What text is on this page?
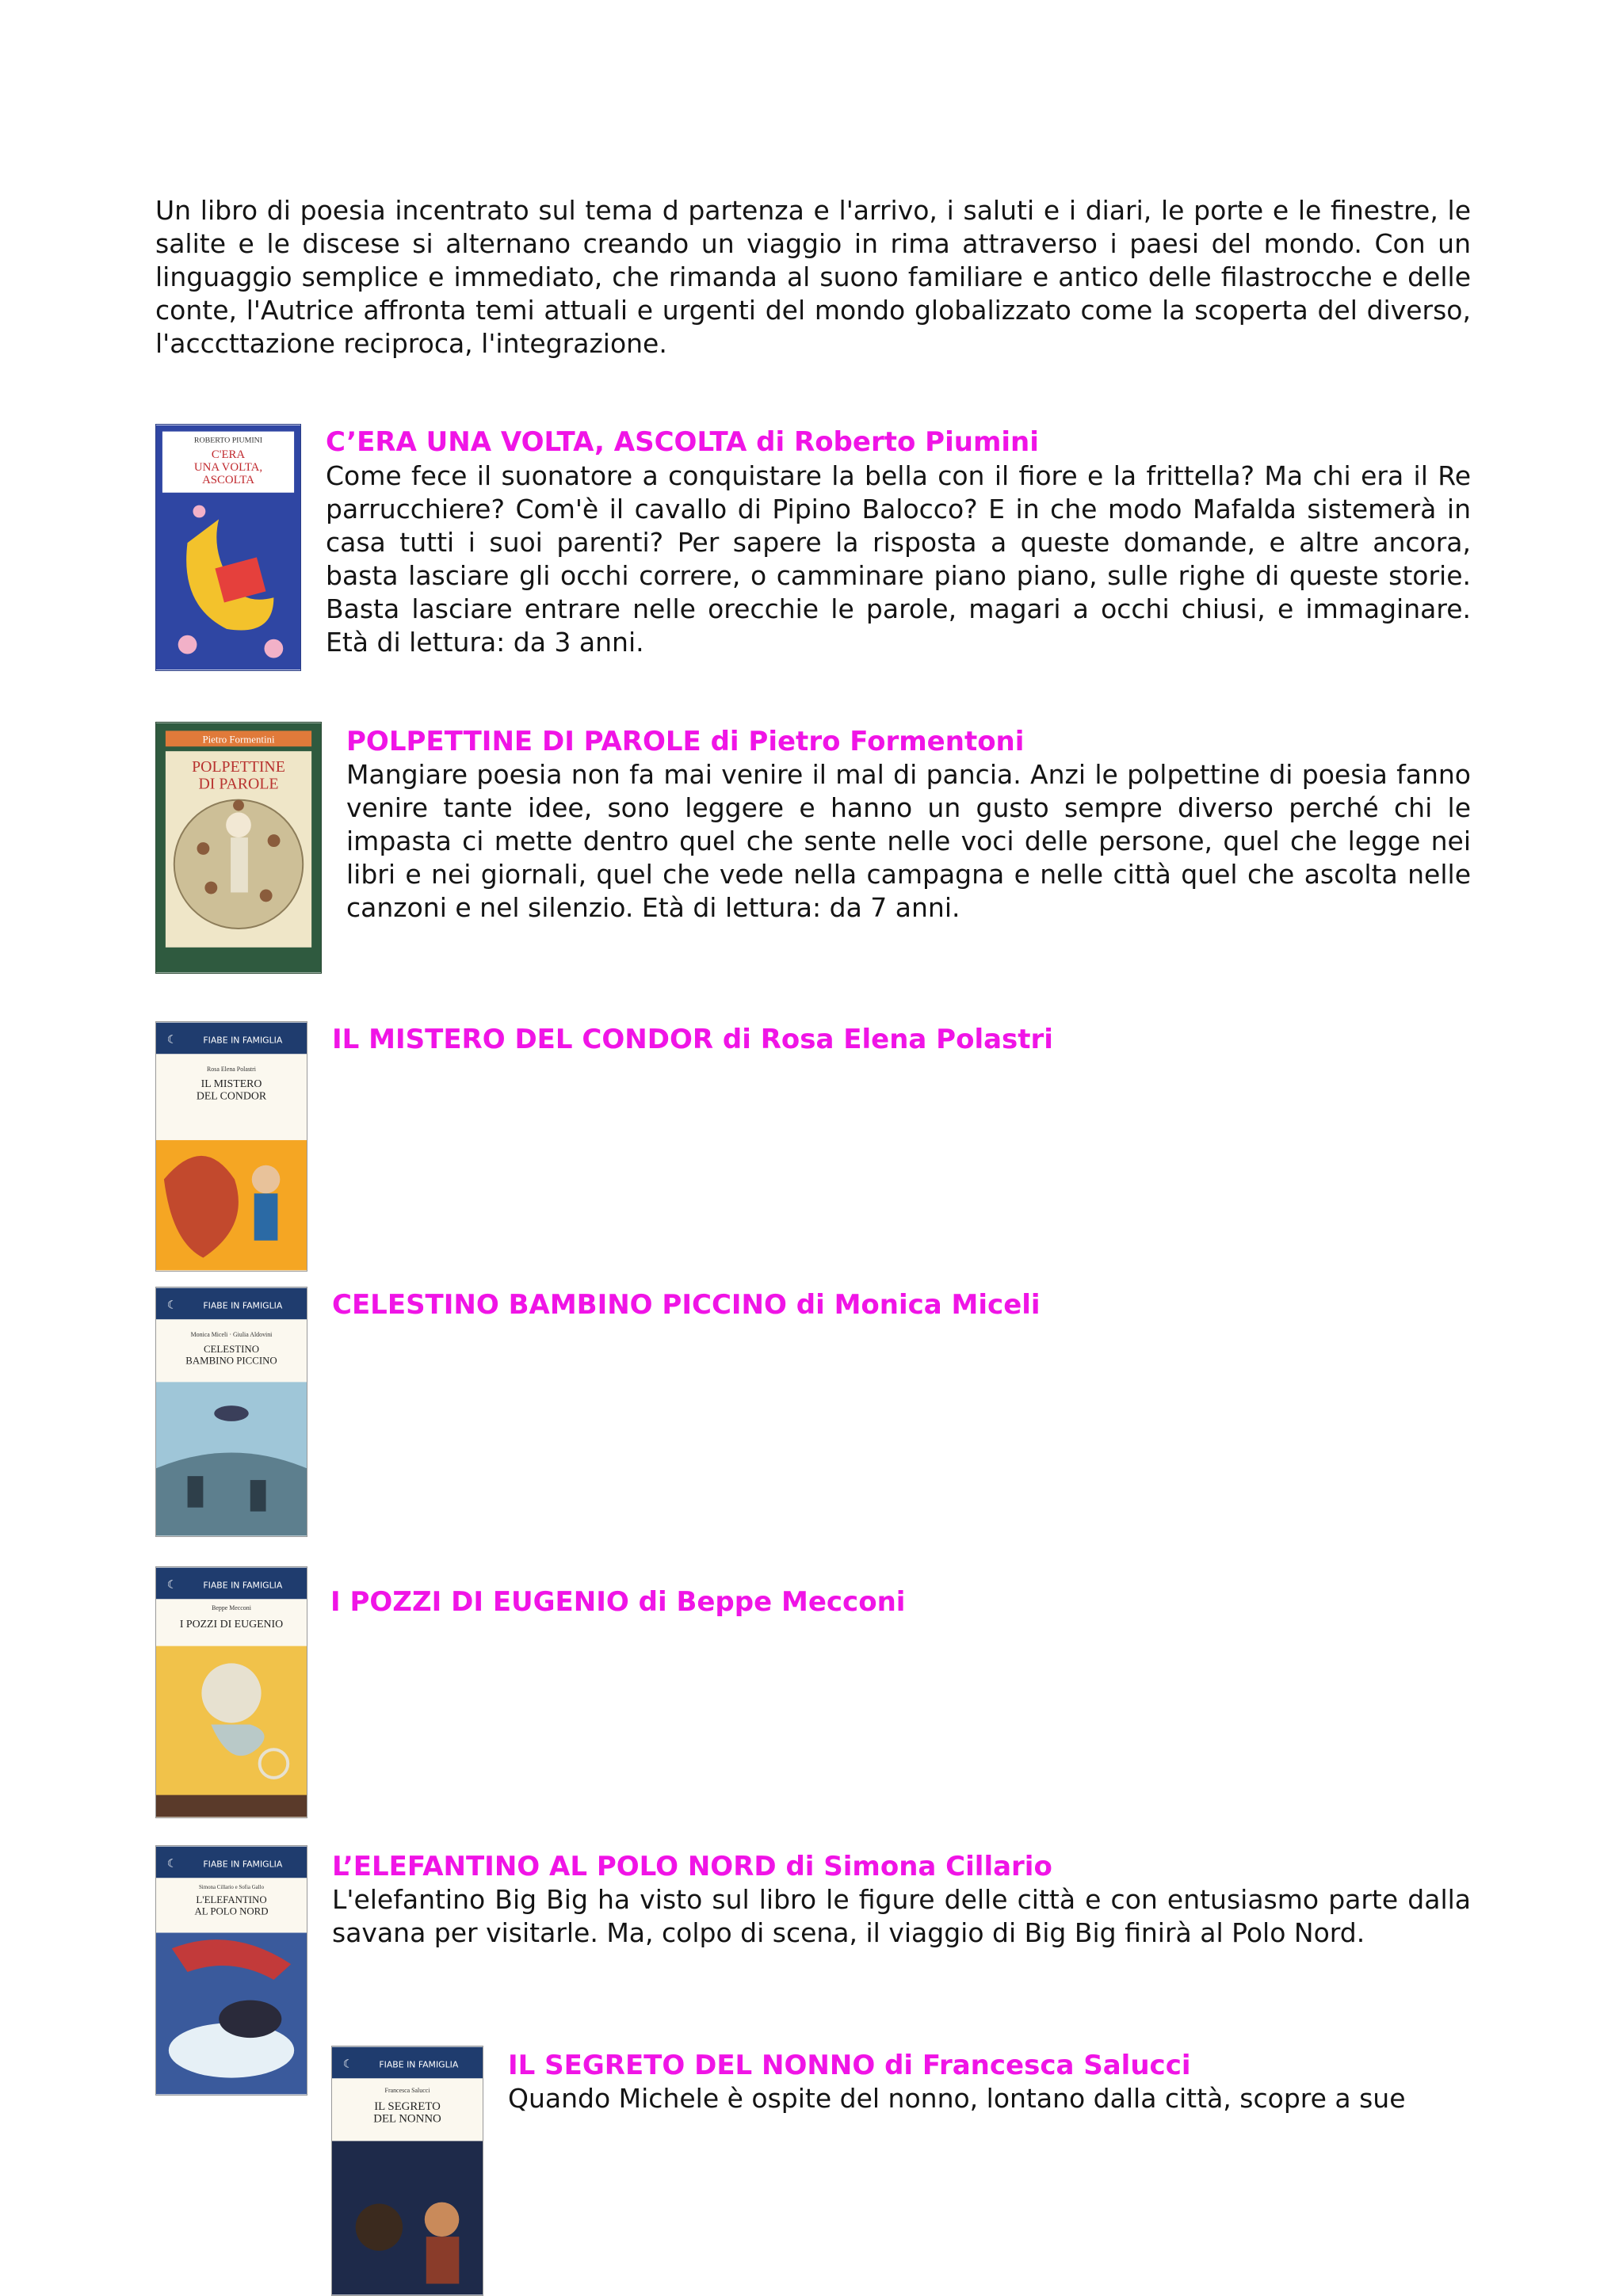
Un libro di poesia incentrato sul tema d partenza e l'arrivo, i saluti e i diari, le porte e le finestre, le salite e le discese si alternano creando un viaggio in rima attraverso i paesi del mondo. Con un linguaggio semplice e immediato, che rimanda al suono familiare e antico delle filastrocche e delle conte, l'Autrice affronta temi attuali e urgenti del mondo globalizzato come la scoperta del diverso, l'acccttazione reciproca, l'integrazione.
ROBERTO PIUMINI
C'ERA
UNA VOLTA,
ASCOLTA
C’ERA UNA VOLTA, ASCOLTA di Roberto Piumini
Come fece il suonatore a conquistare la bella con il fiore e la frittella? Ma chi era il Re parrucchiere? Com'è il cavallo di Pipino Balocco? E in che modo Mafalda sistemerà in casa tutti i suoi parenti? Per sapere la risposta a queste domande, e altre ancora, basta lasciare gli occhi correre, o camminare piano piano, sulle righe di queste storie. Basta lasciare entrare nelle orecchie le parole, magari a occhi chiusi, e immaginare. Età di lettura: da 3 anni.
Pietro Formentini
POLPETTINE
DI PAROLE
POLPETTINE DI PAROLE di Pietro Formentoni
Mangiare poesia non fa mai venire il mal di pancia. Anzi le polpettine di poesia fanno venire tante idee, sono leggere e hanno un gusto sempre diverso perché chi le impasta ci mette dentro quel che sente nelle voci delle persone, quel che legge nei libri e nei giornali, quel che vede nella campagna e nelle città quel che ascolta nelle canzoni e nel silenzio. Età di lettura: da 7 anni.
☾	FIABE IN FAMIGLIA
Rosa Elena Polastri
IL MISTERO
DEL CONDOR
IL MISTERO DEL CONDOR di Rosa Elena Polastri
☾	FIABE IN FAMIGLIA
Monica Miceli · Giulia Aldovini
CELESTINO
BAMBINO PICCINO
CELESTINO BAMBINO PICCINO di Monica Miceli
☾	FIABE IN FAMIGLIA
Beppe Mecconi
I POZZI DI EUGENIO
I POZZI DI EUGENIO di Beppe Mecconi
☾	FIABE IN FAMIGLIA
Simona Cillario e Sofia Gallo
L'ELEFANTINO
AL POLO NORD
L’ELEFANTINO AL POLO NORD di Simona Cillario
L'elefantino Big Big ha visto sul libro le figure delle città e con entusiasmo parte dalla savana per visitarle. Ma, colpo di scena, il viaggio di Big Big finirà al Polo Nord.
☾	FIABE IN FAMIGLIA
Francesca Salucci
IL SEGRETO
DEL NONNO
IL SEGRETO DEL NONNO di Francesca Salucci
Quando Michele è ospite del nonno, lontano dalla città, scopre a sue
